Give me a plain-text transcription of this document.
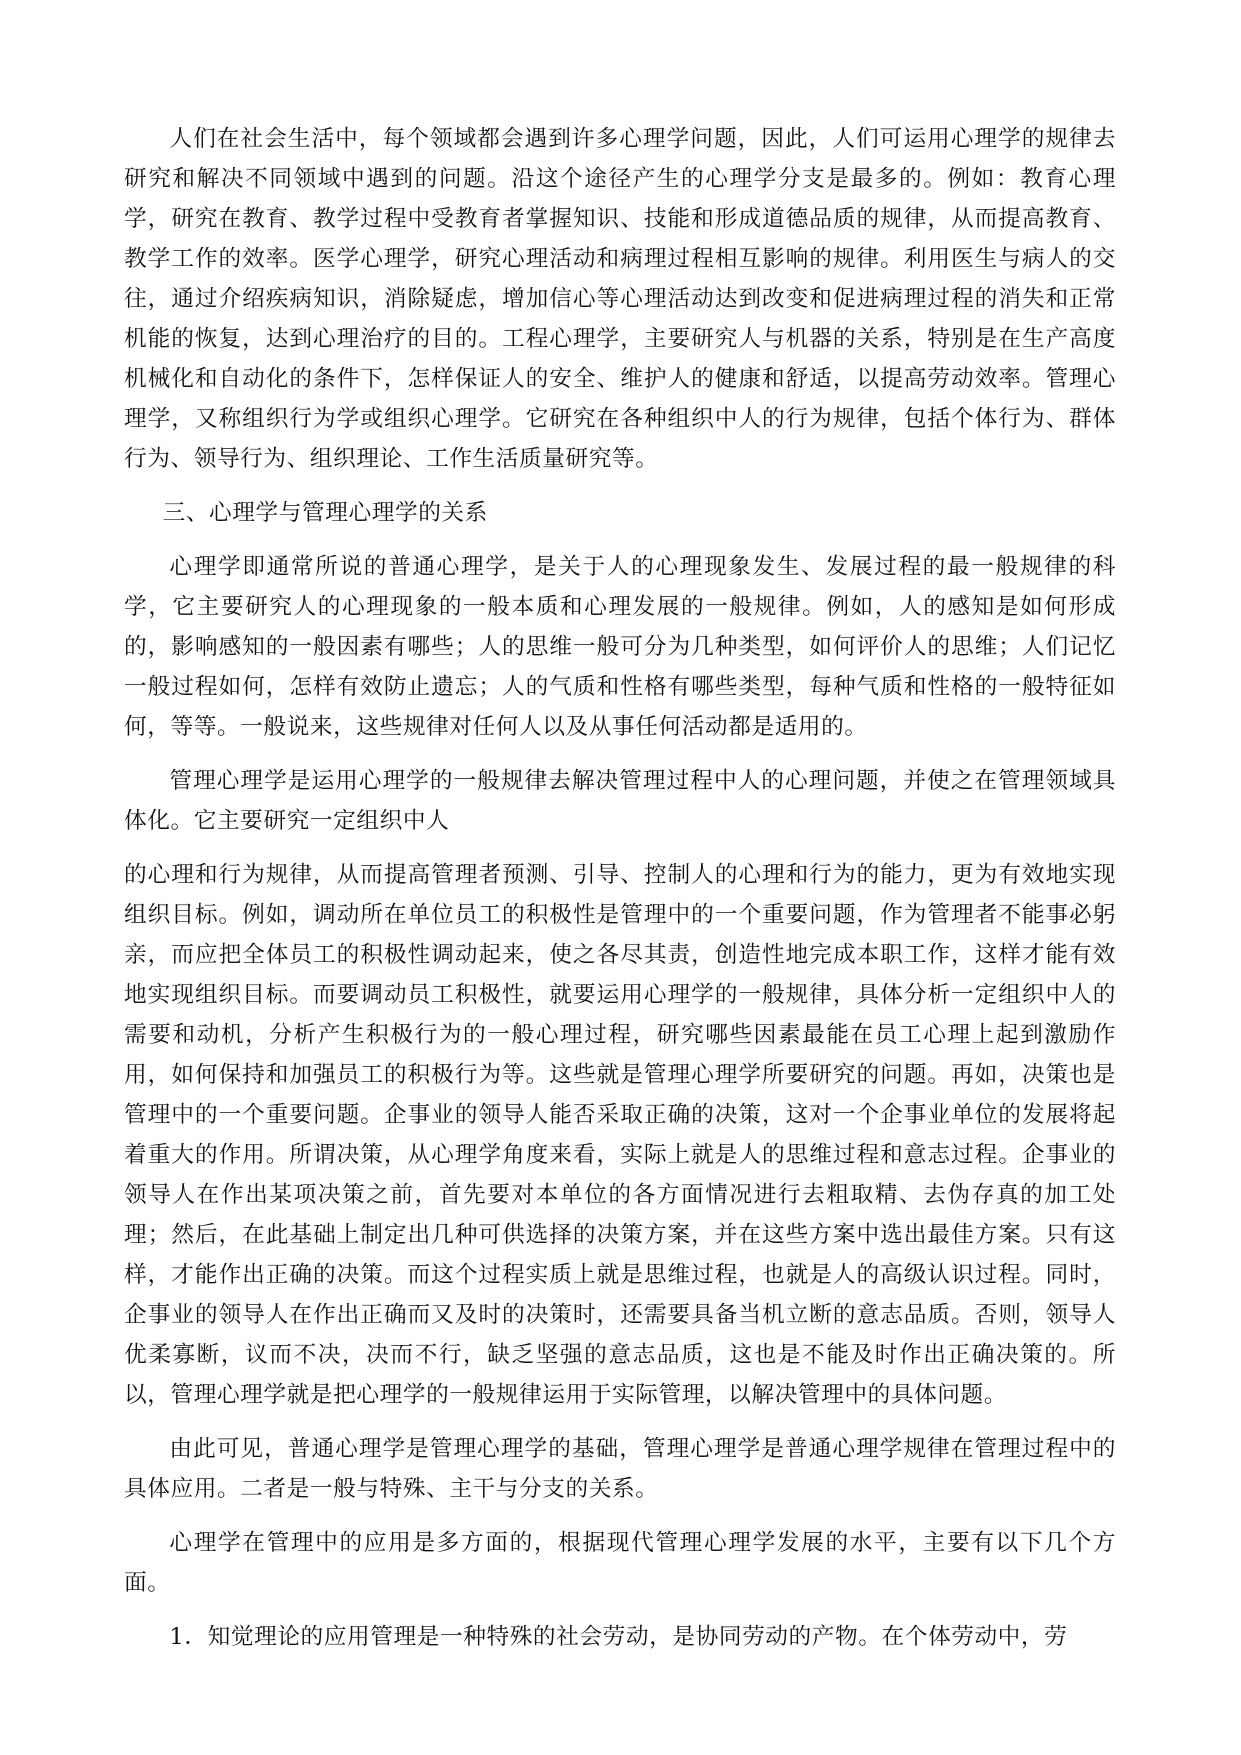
人们在社会生活中，每个领域都会遇到许多心理学问题，因此，人们可运用心理学的规律去研究和解决不同领域中遇到的问题。沿这个途径产生的心理学分支是最多的。例如：教育心理学，研究在教育、教学过程中受教育者掌握知识、技能和形成道德品质的规律，从而提高教育、教学工作的效率。医学心理学，研究心理活动和病理过程相互影响的规律。利用医生与病人的交往，通过介绍疾病知识，消除疑虑，增加信心等心理活动达到改变和促进病理过程的消失和正常机能的恢复，达到心理治疗的目的。工程心理学，主要研究人与机器的关系，特别是在生产高度机械化和自动化的条件下，怎样保证人的安全、维护人的健康和舒适，以提高劳动效率。管理心理学，又称组织行为学或组织心理学。它研究在各种组织中人的行为规律，包括个体行为、群体行为、领导行为、组织理论、工作生活质量研究等。

三、心理学与管理心理学的关系

心理学即通常所说的普通心理学，是关于人的心理现象发生、发展过程的最一般规律的科学，它主要研究人的心理现象的一般本质和心理发展的一般规律。例如，人的感知是如何形成的，影响感知的一般因素有哪些；人的思维一般可分为几种类型，如何评价人的思维；人们记忆一般过程如何，怎样有效防止遗忘；人的气质和性格有哪些类型，每种气质和性格的一般特征如何，等等。一般说来，这些规律对任何人以及从事任何活动都是适用的。

管理心理学是运用心理学的一般规律去解决管理过程中人的心理问题，并使之在管理领域具体化。它主要研究一定组织中人

的心理和行为规律，从而提高管理者预测、引导、控制人的心理和行为的能力，更为有效地实现组织目标。例如，调动所在单位员工的积极性是管理中的一个重要问题，作为管理者不能事必躬亲，而应把全体员工的积极性调动起来，使之各尽其责，创造性地完成本职工作，这样才能有效地实现组织目标。而要调动员工积极性，就要运用心理学的一般规律，具体分析一定组织中人的需要和动机，分析产生积极行为的一般心理过程，研究哪些因素最能在员工心理上起到激励作用，如何保持和加强员工的积极行为等。这些就是管理心理学所要研究的问题。再如，决策也是管理中的一个重要问题。企事业的领导人能否采取正确的决策，这对一个企事业单位的发展将起着重大的作用。所谓决策，从心理学角度来看，实际上就是人的思维过程和意志过程。企事业的领导人在作出某项决策之前，首先要对本单位的各方面情况进行去粗取精、去伪存真的加工处理；然后，在此基础上制定出几种可供选择的决策方案，并在这些方案中选出最佳方案。只有这样，才能作出正确的决策。而这个过程实质上就是思维过程，也就是人的高级认识过程。同时，企事业的领导人在作出正确而又及时的决策时，还需要具备当机立断的意志品质。否则，领导人优柔寡断，议而不决，决而不行，缺乏坚强的意志品质，这也是不能及时作出正确决策的。所以，管理心理学就是把心理学的一般规律运用于实际管理，以解决管理中的具体问题。

由此可见，普通心理学是管理心理学的基础，管理心理学是普通心理学规律在管理过程中的具体应用。二者是一般与特殊、主干与分支的关系。

心理学在管理中的应用是多方面的，根据现代管理心理学发展的水平，主要有以下几个方面。

1．知觉理论的应用管理是一种特殊的社会劳动，是协同劳动的产物。在个体劳动中，劳
